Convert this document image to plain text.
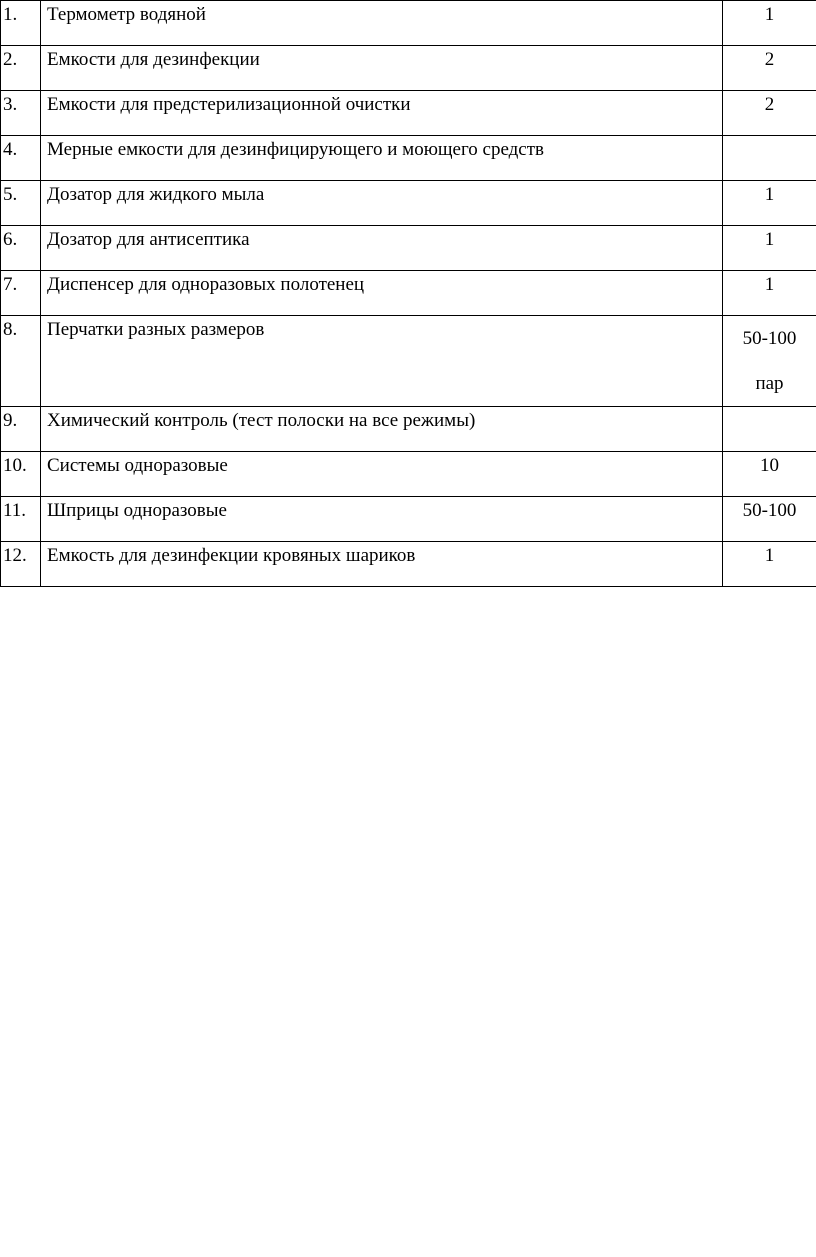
1.	Термометр водяной	1
2.	Емкости для дезинфекции	2
3.	Емкости для предстерилизационной очистки	2
4.	Мерные емкости для дезинфицирующего и моющего средств	
5.	Дозатор для жидкого мыла	1
6.	Дозатор для антисептика	1
7.	Диспенсер для одноразовых полотенец	1
8.	Перчатки разных размеров	50-100
пар

9.	Химический контроль (тест полоски на все режимы)	
10.	Системы одноразовые	10
11.	Шприцы одноразовые	50-100
12.	Емкость для дезинфекции кровяных шариков	1
